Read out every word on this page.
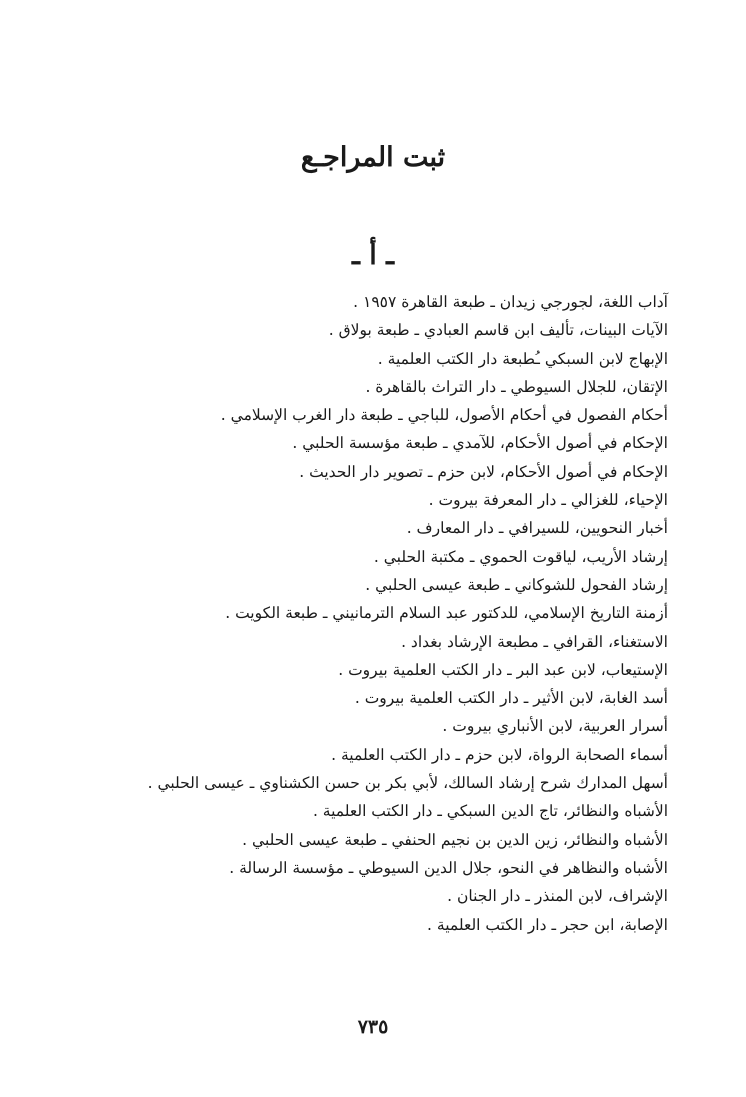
ثبت المراجـع
ـ أ ـ
آداب اللغة، لجورجي زيدان ـ طبعة القاهرة ١٩٥٧ .
الآيات البينات، تأليف ابن قاسم العبادي ـ طبعة بولاق .
الإبهاج لابن السبكي ـُطبعة دار الكتب العلمية .
الإتقان، للجلال السيوطي ـ دار التراث بالقاهرة .
أحكام الفصول في أحكام الأصول، للباجي ـ طبعة دار الغرب الإسلامي .
الإحكام في أصول الأحكام، للآمدي ـ طبعة مؤسسة الحلبي .
الإحكام في أصول الأحكام، لابن حزم ـ تصوير دار الحديث .
الإحياء، للغزالي ـ دار المعرفة بيروت .
أخبار النحويين، للسيرافي ـ دار المعارف .
إرشاد الأريب، لياقوت الحموي ـ مكتبة الحلبي .
إرشاد الفحول للشوكاني ـ طبعة عيسى الحلبي .
أزمنة التاريخ الإسلامي، للدكتور عبد السلام الترمانيني ـ طبعة الكويت .
الاستغناء، القرافي ـ مطبعة الإرشاد بغداد .
الإستيعاب، لابن عبد البر ـ دار الكتب العلمية بيروت .
أسد الغابة، لابن الأثير ـ دار الكتب العلمية بيروت .
أسرار العربية، لابن الأنباري بيروت .
أسماء الصحابة الرواة، لابن حزم ـ دار الكتب العلمية .
أسهل المدارك شرح إرشاد السالك، لأبي بكر بن حسن الكشناوي ـ عيسى الحلبي .
الأشباه والنظائر، تاج الدين السبكي ـ دار الكتب العلمية .
الأشباه والنظائر، زين الدين بن نجيم الحنفي ـ طبعة عيسى الحلبي .
الأشباه والنظاهر في النحو، جلال الدين السيوطي ـ مؤسسة الرسالة .
الإشراف، لابن المنذر ـ دار الجنان .
الإصابة، ابن حجر ـ دار الكتب العلمية .
٧٣٥
